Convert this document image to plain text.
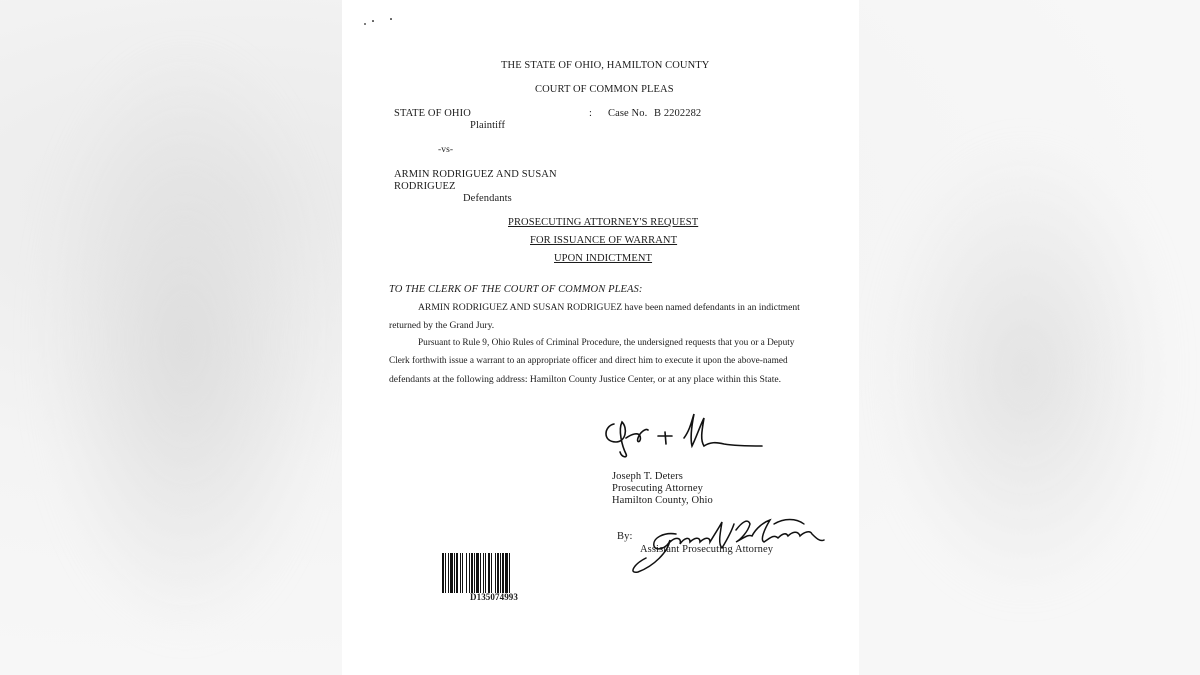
THE STATE OF OHIO, HAMILTON COUNTY
COURT OF COMMON PLEAS
STATE OF OHIO
Plaintiff
: Case No. B 2202282
-vs-
ARMIN RODRIGUEZ AND SUSAN
RODRIGUEZ
Defendants
PROSECUTING ATTORNEY'S REQUEST
FOR ISSUANCE OF WARRANT
UPON INDICTMENT
TO THE CLERK OF THE COURT OF COMMON PLEAS:
ARMIN RODRIGUEZ AND SUSAN RODRIGUEZ have been named defendants in an indictment
returned by the Grand Jury.
Pursuant to Rule 9, Ohio Rules of Criminal Procedure, the undersigned requests that you or a Deputy
Clerk forthwith issue a warrant to an appropriate officer and direct him to execute it upon the above-named
defendants at the following address: Hamilton County Justice Center, or at any place within this State.
Joseph T. Deters
Prosecuting Attorney
Hamilton County, Ohio
By:
Assistant Prosecuting Attorney
D135074993
